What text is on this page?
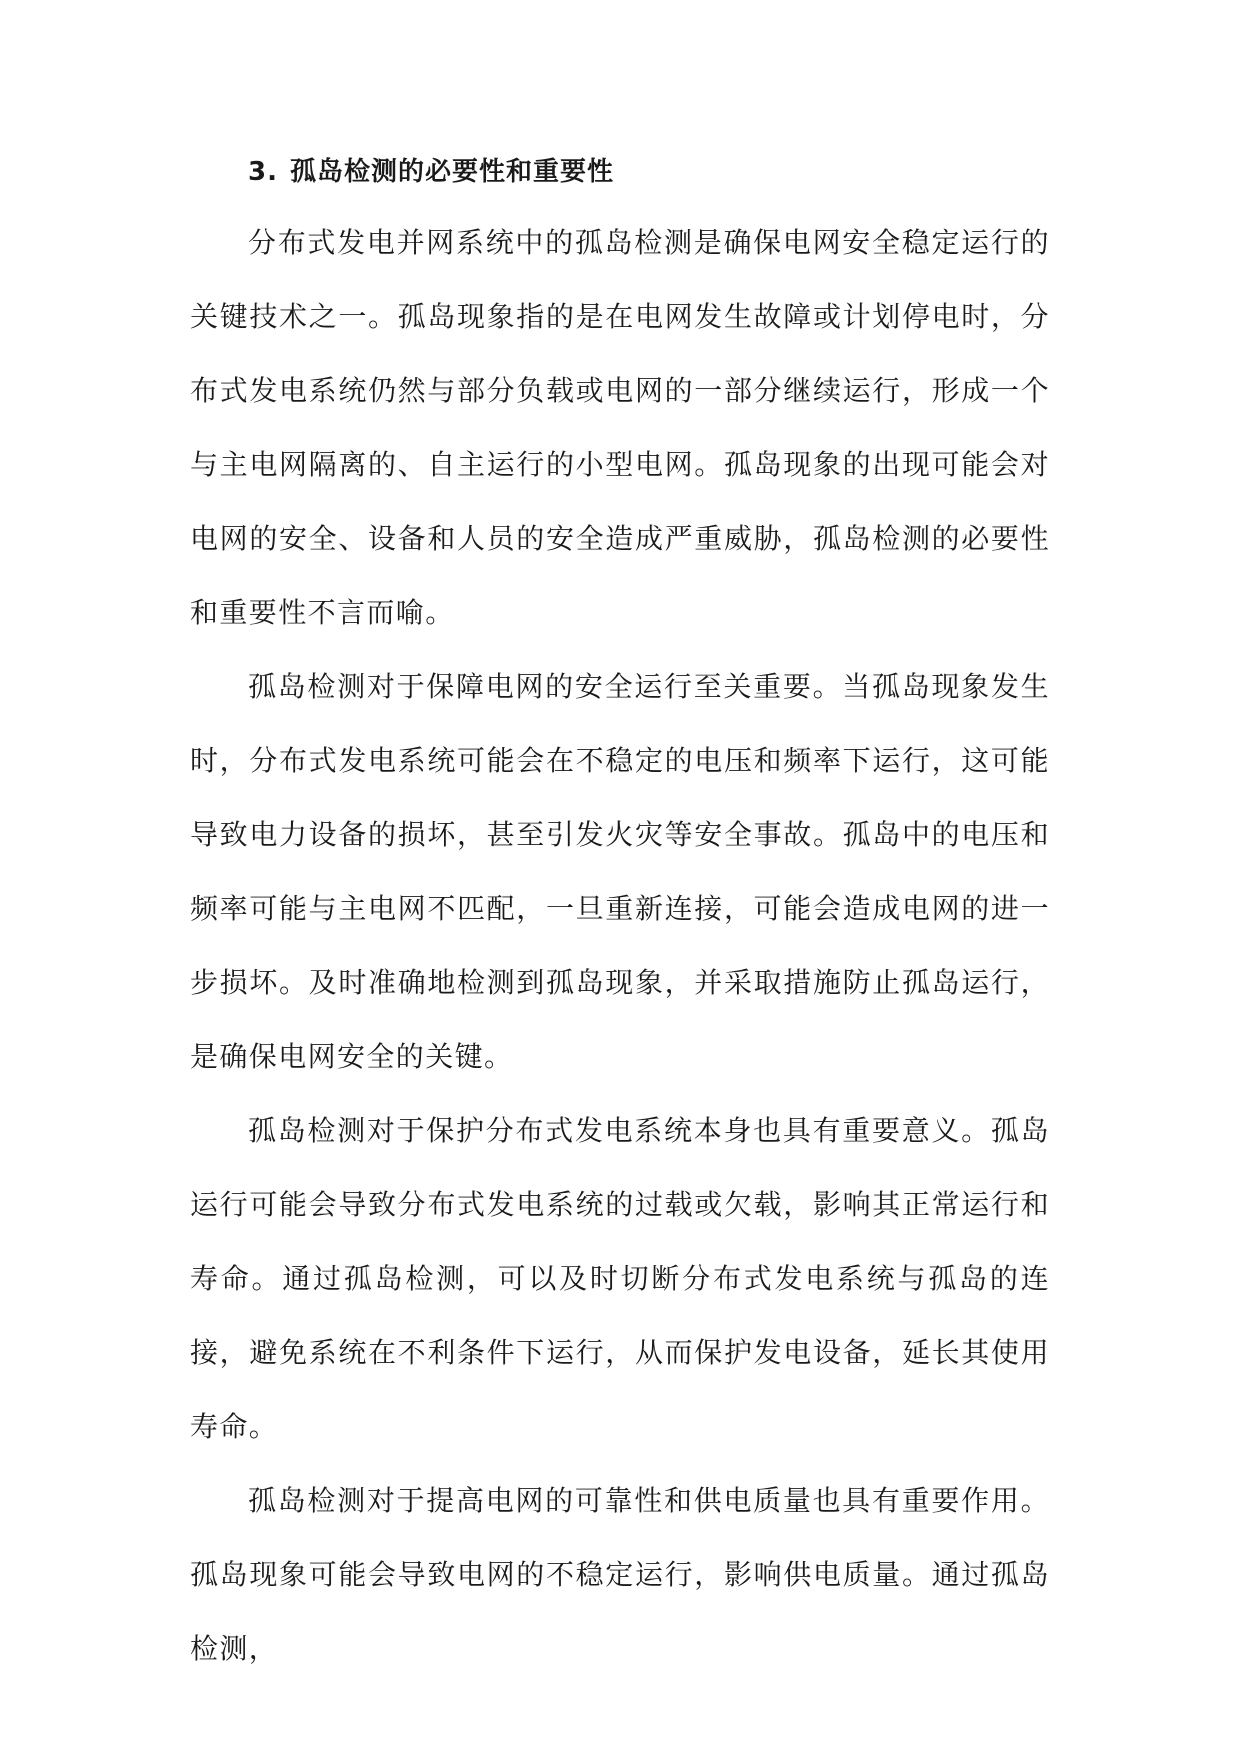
3. 孤岛检测的必要性和重要性

分布式发电并网系统中的孤岛检测是确保电网安全稳定运行的关键技术之一。孤岛现象指的是在电网发生故障或计划停电时，分布式发电系统仍然与部分负载或电网的一部分继续运行，形成一个与主电网隔离的、自主运行的小型电网。孤岛现象的出现可能会对电网的安全、设备和人员的安全造成严重威胁，孤岛检测的必要性和重要性不言而喻。

孤岛检测对于保障电网的安全运行至关重要。当孤岛现象发生时，分布式发电系统可能会在不稳定的电压和频率下运行，这可能导致电力设备的损坏，甚至引发火灾等安全事故。孤岛中的电压和频率可能与主电网不匹配，一旦重新连接，可能会造成电网的进一步损坏。及时准确地检测到孤岛现象，并采取措施防止孤岛运行，是确保电网安全的关键。

孤岛检测对于保护分布式发电系统本身也具有重要意义。孤岛运行可能会导致分布式发电系统的过载或欠载，影响其正常运行和寿命。通过孤岛检测，可以及时切断分布式发电系统与孤岛的连接，避免系统在不利条件下运行，从而保护发电设备，延长其使用寿命。

孤岛检测对于提高电网的可靠性和供电质量也具有重要作用。孤岛现象可能会导致电网的不稳定运行，影响供电质量。通过孤岛检测，
